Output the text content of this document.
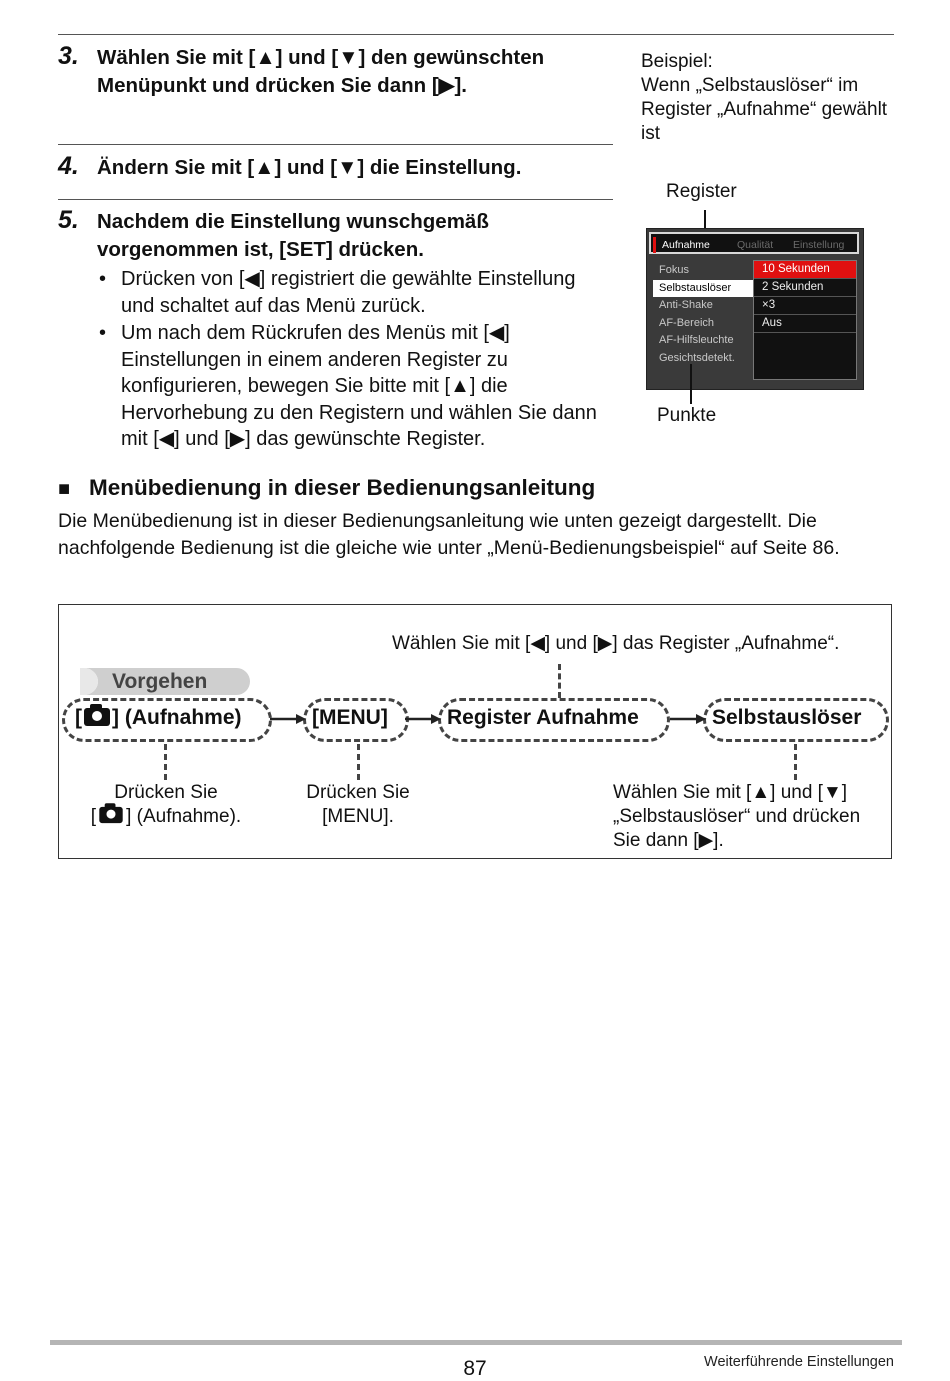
3. Wählen Sie mit [▲] und [▼] den gewünschten Menüpunkt und drücken Sie dann [▶].
4. Ändern Sie mit [▲] und [▼] die Einstellung.
5. Nachdem die Einstellung wunschgemäß vorgenommen ist, [SET] drücken.
• Drücken von [◀] registriert die gewählte Einstellung und schaltet auf das Menü zurück.
• Um nach dem Rückrufen des Menüs mit [◀] Einstellungen in einem anderen Register zu konfigurieren, bewegen Sie bitte mit [▲] die Hervorhebung zu den Registern und wählen Sie dann mit [◀] und [▶] das gewünschte Register.
Beispiel:
Wenn „Selbstauslöser“ im Register „Aufnahme“ gewählt ist
Register
Aufnahme	Qualität	Einstellung
Fokus
Selbstauslöser
Anti-Shake
AF-Bereich
AF-Hilfsleuchte
Gesichtsdetekt.
10 Sekunden
2 Sekunden
×3
Aus
Punkte
■ Menübedienung in dieser Bedienungsanleitung
Die Menübedienung ist in dieser Bedienungsanleitung wie unten gezeigt dargestellt. Die nachfolgende Bedienung ist die gleiche wie unter „Menü-Bedienungsbeispiel“ auf Seite 86.
Wählen Sie mit [◀] und [▶] das Register „Aufnahme“.
Vorgehen
[ ] (Aufnahme)	[MENU]	Register Aufnahme	Selbstauslöser
Drücken Sie
[ ] (Aufnahme).
Drücken Sie
[MENU].
Wählen Sie mit [▲] und [▼]
„Selbstauslöser“ und drücken
Sie dann [▶].
87	Weiterführende Einstellungen
